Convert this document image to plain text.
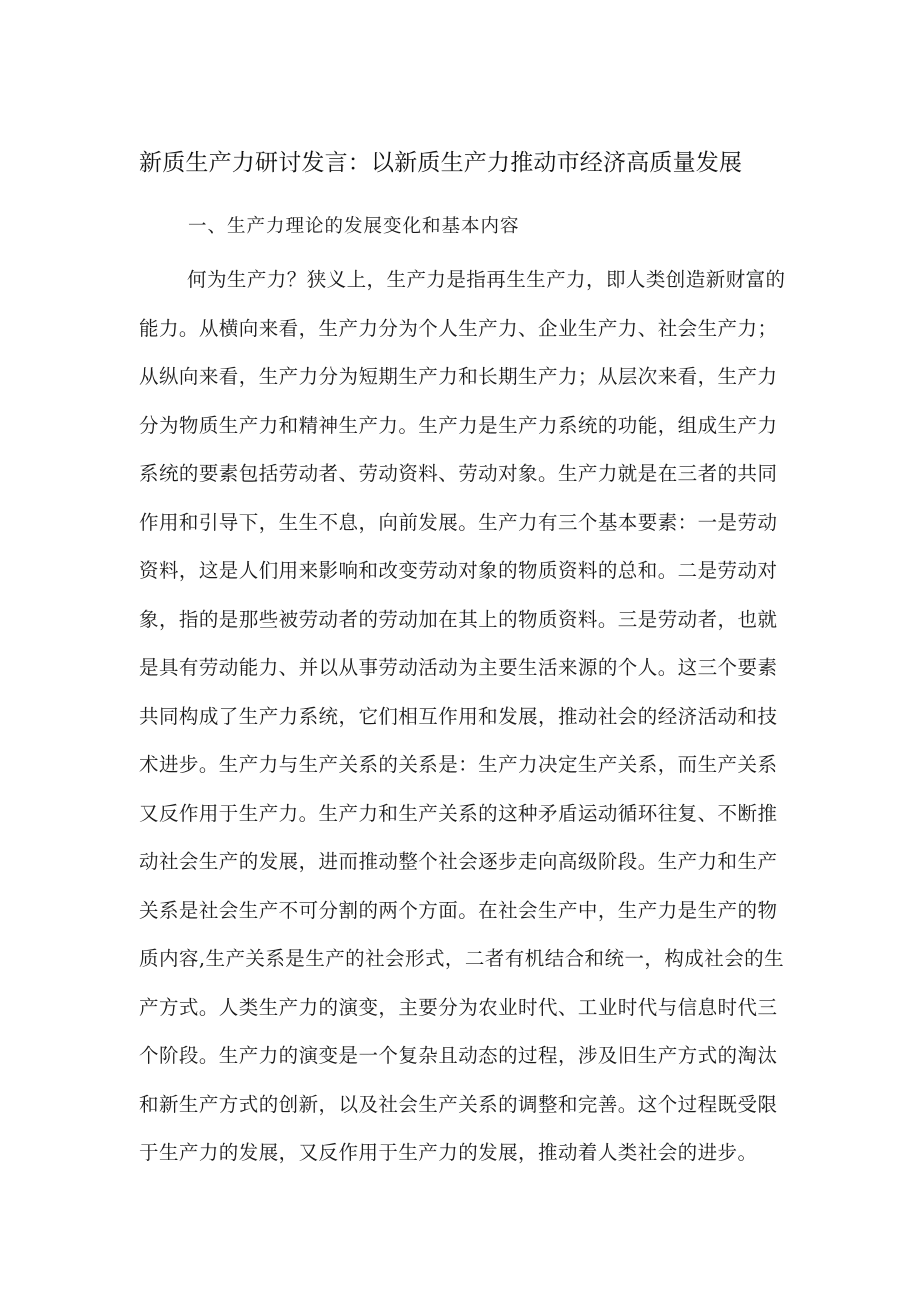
新质生产力研讨发言：以新质生产力推动市经济高质量发展
一、生产力理论的发展变化和基本内容
何为生产力？狭义上，生产力是指再生生产力，即人类创造新财富的
能力。从横向来看，生产力分为个人生产力、企业生产力、社会生产力；
从纵向来看，生产力分为短期生产力和长期生产力；从层次来看，生产力
分为物质生产力和精神生产力。生产力是生产力系统的功能，组成生产力
系统的要素包括劳动者、劳动资料、劳动对象。生产力就是在三者的共同
作用和引导下，生生不息，向前发展。生产力有三个基本要素：一是劳动
资料，这是人们用来影响和改变劳动对象的物质资料的总和。二是劳动对
象，指的是那些被劳动者的劳动加在其上的物质资料。三是劳动者，也就
是具有劳动能力、并以从事劳动活动为主要生活来源的个人。这三个要素
共同构成了生产力系统，它们相互作用和发展，推动社会的经济活动和技
术进步。生产力与生产关系的关系是：生产力决定生产关系，而生产关系
又反作用于生产力。生产力和生产关系的这种矛盾运动循环往复、不断推
动社会生产的发展，进而推动整个社会逐步走向高级阶段。生产力和生产
关系是社会生产不可分割的两个方面。在社会生产中，生产力是生产的物
质内容,生产关系是生产的社会形式，二者有机结合和统一，构成社会的生
产方式。人类生产力的演变，主要分为农业时代、工业时代与信息时代三
个阶段。生产力的演变是一个复杂且动态的过程，涉及旧生产方式的淘汰
和新生产方式的创新，以及社会生产关系的调整和完善。这个过程既受限
于生产力的发展，又反作用于生产力的发展，推动着人类社会的进步。
